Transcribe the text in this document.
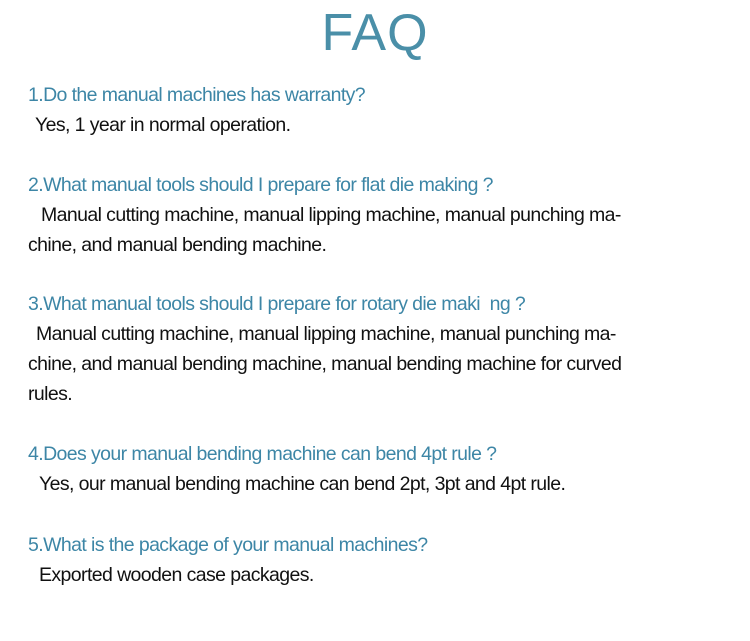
FAQ
1.Do the manual machines has warranty?
Yes, 1 year in normal operation.
2.What manual tools should I prepare for flat die making ?
Manual cutting machine, manual lipping machine, manual punching ma-
chine, and manual bending machine.
3.What manual tools should I prepare for rotary die maki  ng ?
Manual cutting machine, manual lipping machine, manual punching ma-
chine, and manual bending machine, manual bending machine for curved
rules.
4.Does your manual bending machine can bend 4pt rule ?
Yes, our manual bending machine can bend 2pt, 3pt and 4pt rule.
5.What is the package of your manual machines?
Exported wooden case packages.
